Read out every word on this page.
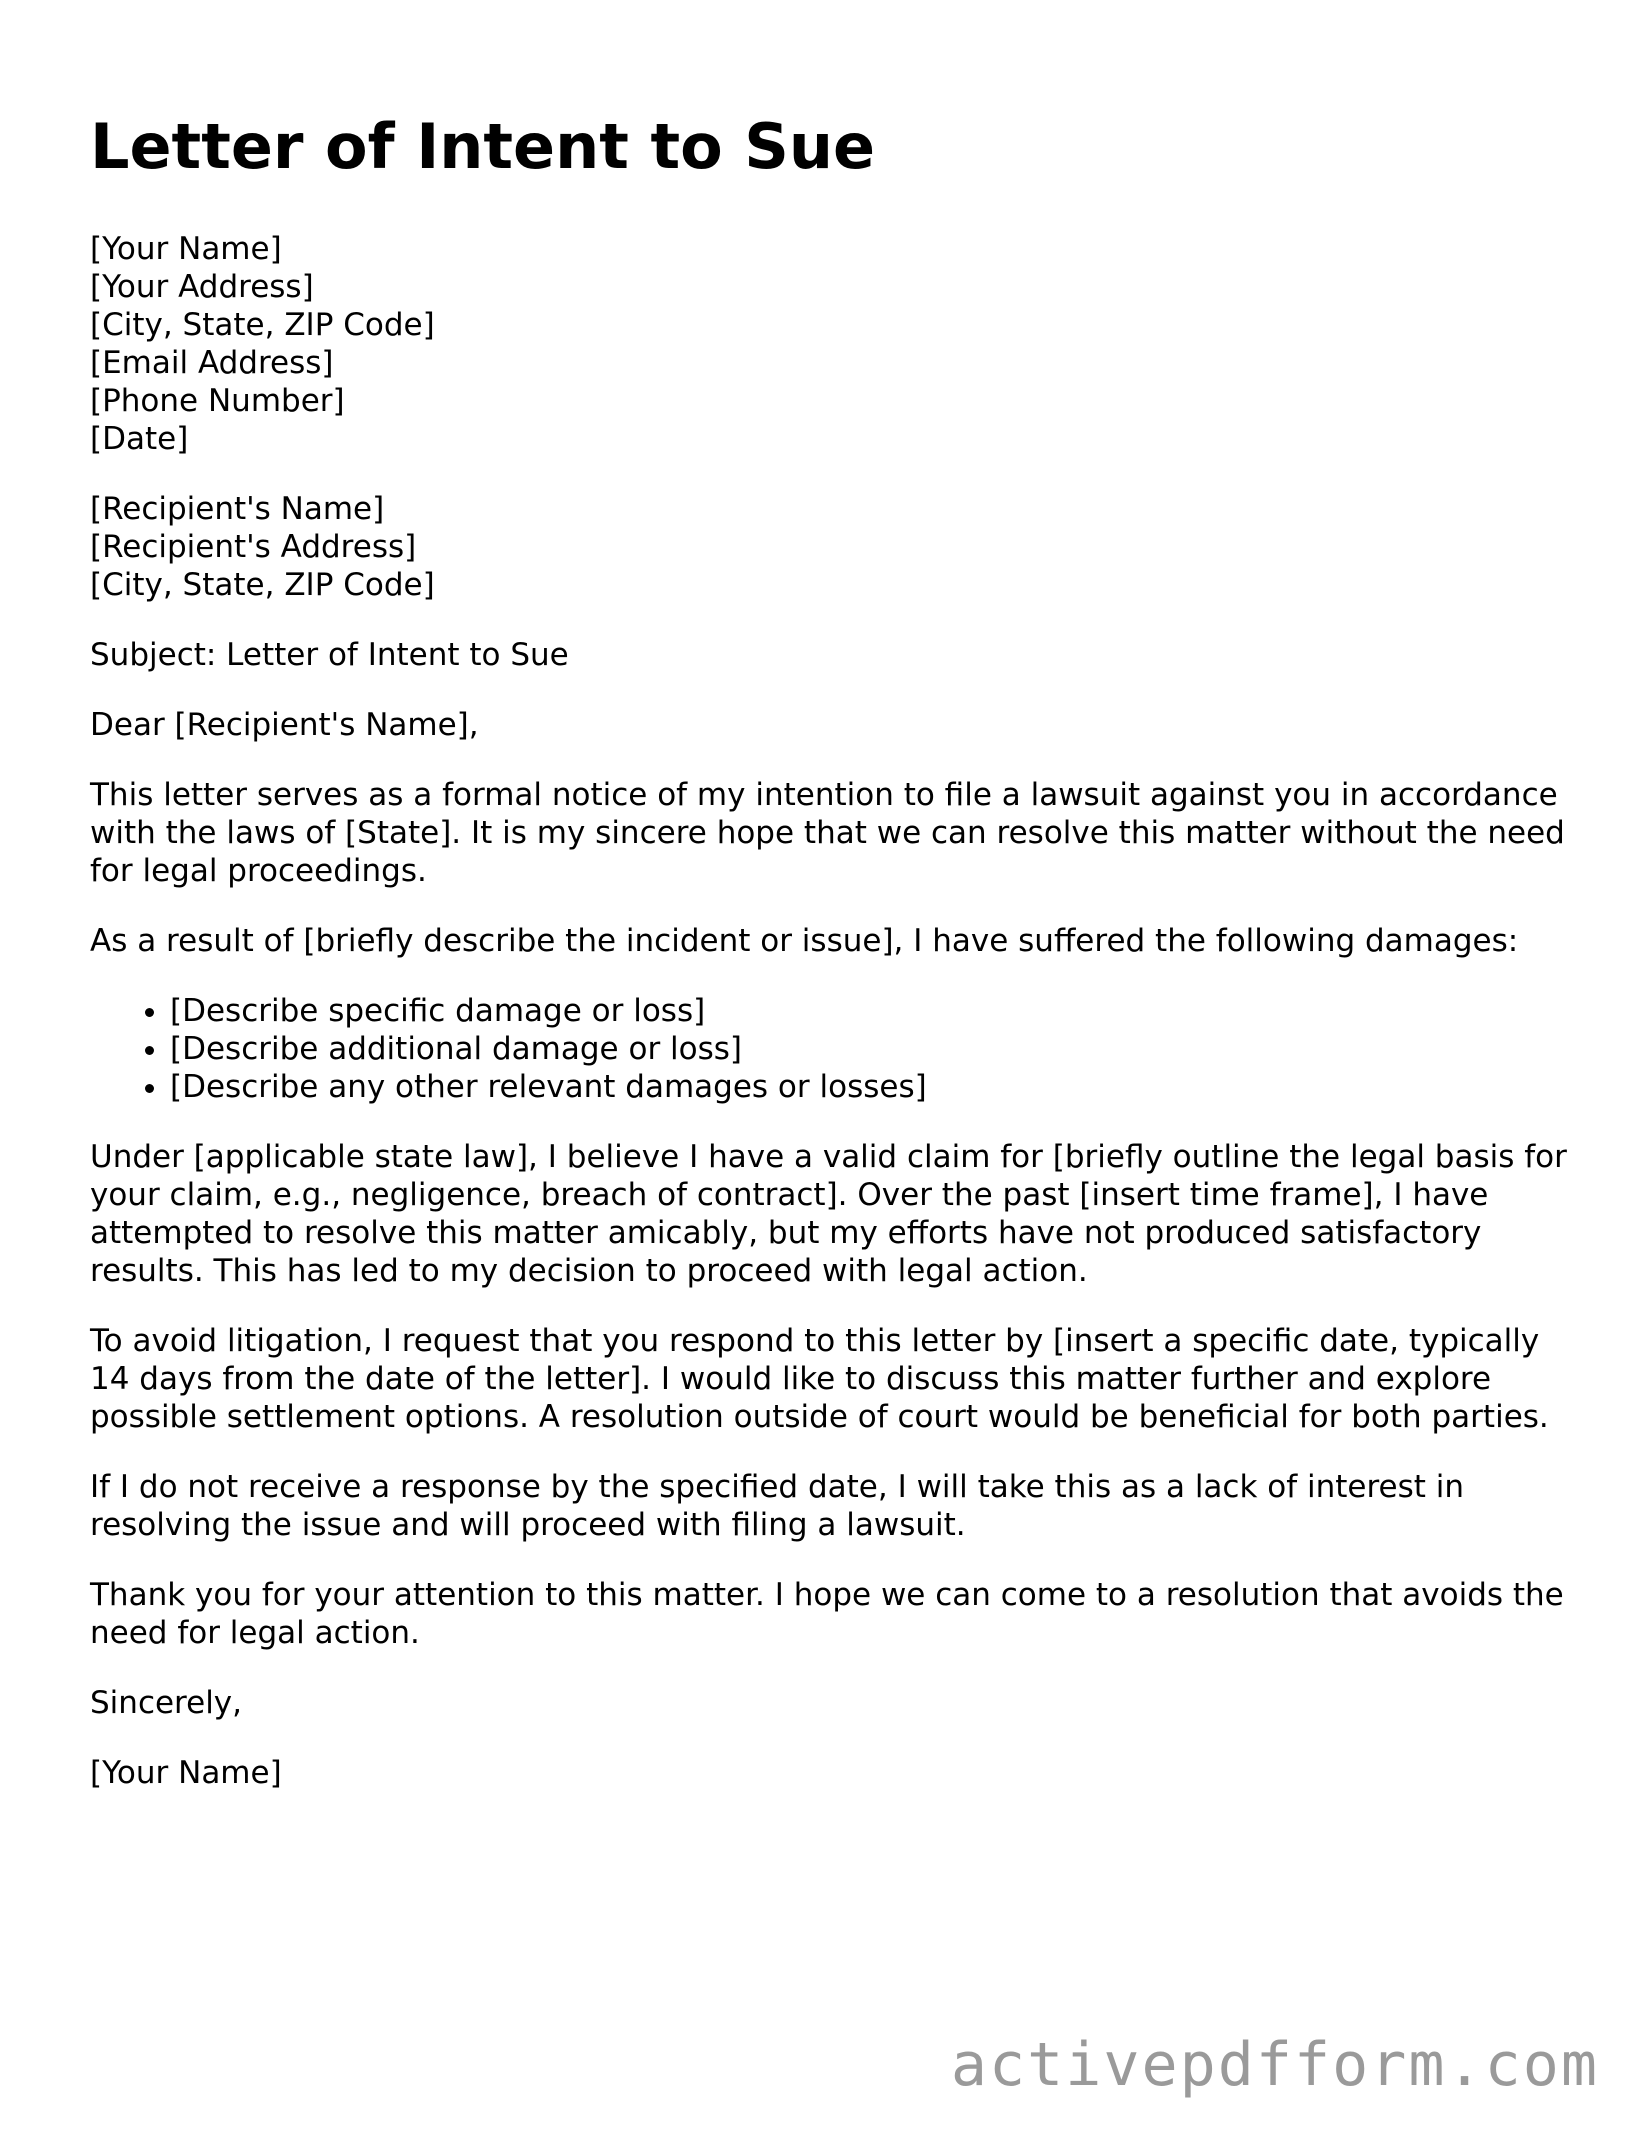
Letter of Intent to Sue
[Your Name]
[Your Address]
[City, State, ZIP Code]
[Email Address]
[Phone Number]
[Date]
[Recipient's Name]
[Recipient's Address]
[City, State, ZIP Code]

Subject: Letter of Intent to Sue

Dear [Recipient's Name],

This letter serves as a formal notice of my intention to file a lawsuit against you in accordance with the laws of [State]. It is my sincere hope that we can resolve this matter without the need for legal proceedings.

As a result of [briefly describe the incident or issue], I have suffered the following damages:

• [Describe specific damage or loss]
• [Describe additional damage or loss]
• [Describe any other relevant damages or losses]

Under [applicable state law], I believe I have a valid claim for [briefly outline the legal basis for your claim, e.g., negligence, breach of contract]. Over the past [insert time frame], I have attempted to resolve this matter amicably, but my efforts have not produced satisfactory results. This has led to my decision to proceed with legal action.

To avoid litigation, I request that you respond to this letter by [insert a specific date, typically 14 days from the date of the letter]. I would like to discuss this matter further and explore possible settlement options. A resolution outside of court would be beneficial for both parties.

If I do not receive a response by the specified date, I will take this as a lack of interest in resolving the issue and will proceed with filing a lawsuit.

Thank you for your attention to this matter. I hope we can come to a resolution that avoids the need for legal action.

Sincerely,

[Your Name]

activepdfform.com
